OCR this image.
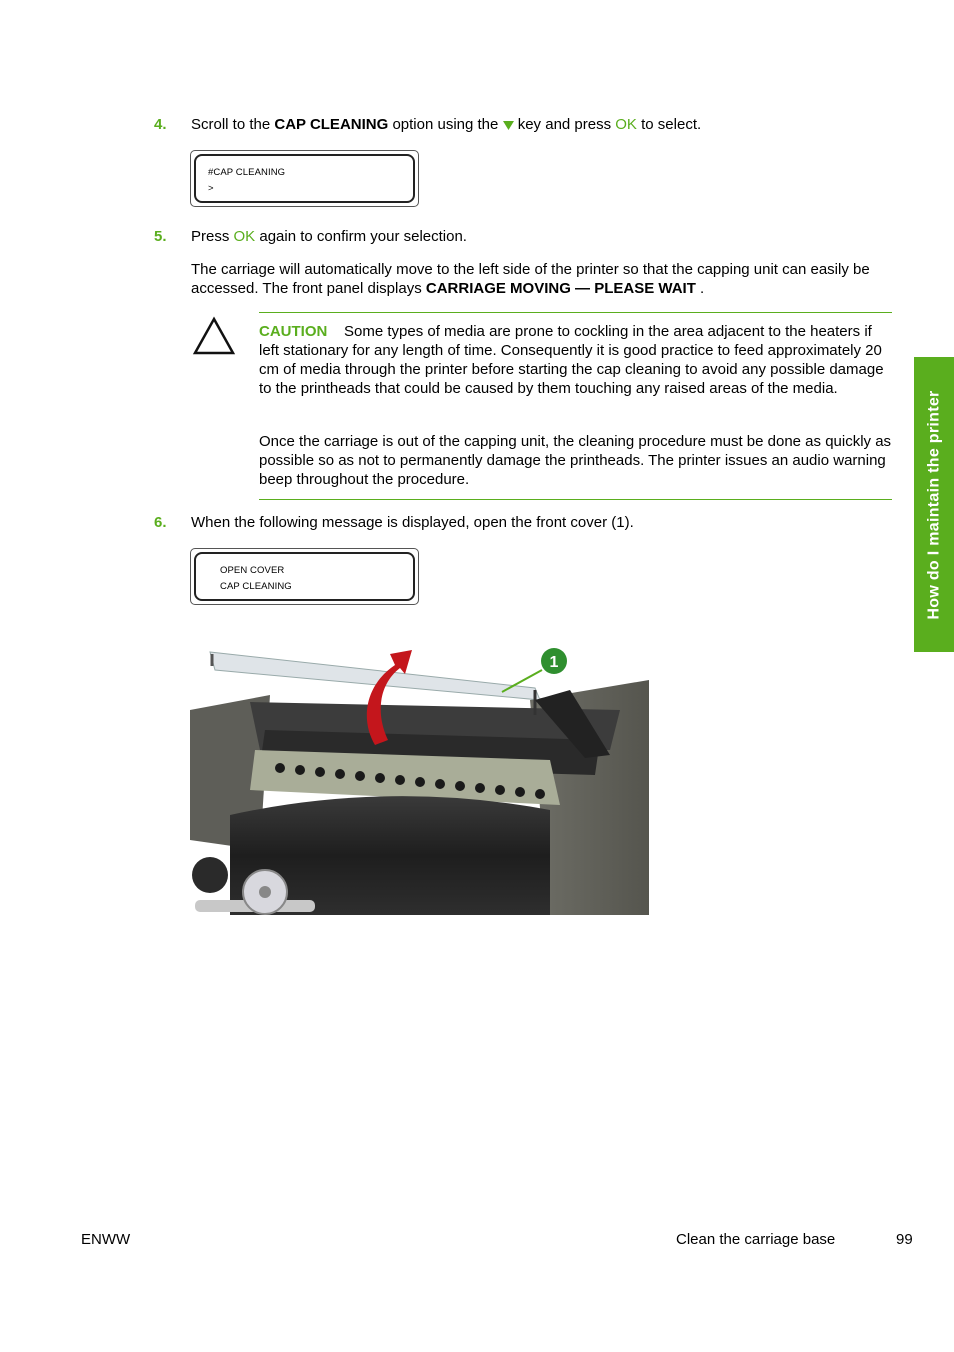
4. Scroll to the CAP CLEANING option using the  key and press OK to select.
#CAP CLEANING
>
5. Press OK again to confirm your selection.
The carriage will automatically move to the left side of the printer so that the capping unit can easily be accessed. The front panel displays CARRIAGE MOVING — PLEASE WAIT .
CAUTION Some types of media are prone to cockling in the area adjacent to the heaters if left stationary for any length of time. Consequently it is good practice to feed approximately 20 cm of media through the printer before starting the cap cleaning to avoid any possible damage to the printheads that could be caused by them touching any raised areas of the media.
Once the carriage is out of the capping unit, the cleaning procedure must be done as quickly as possible so as not to permanently damage the printheads. The printer issues an audio warning beep throughout the procedure.
6. When the following message is displayed, open the front cover (1).
OPEN COVER
CAP CLEANING
1
How do I maintain the printer
ENWW	Clean the carriage base	99
